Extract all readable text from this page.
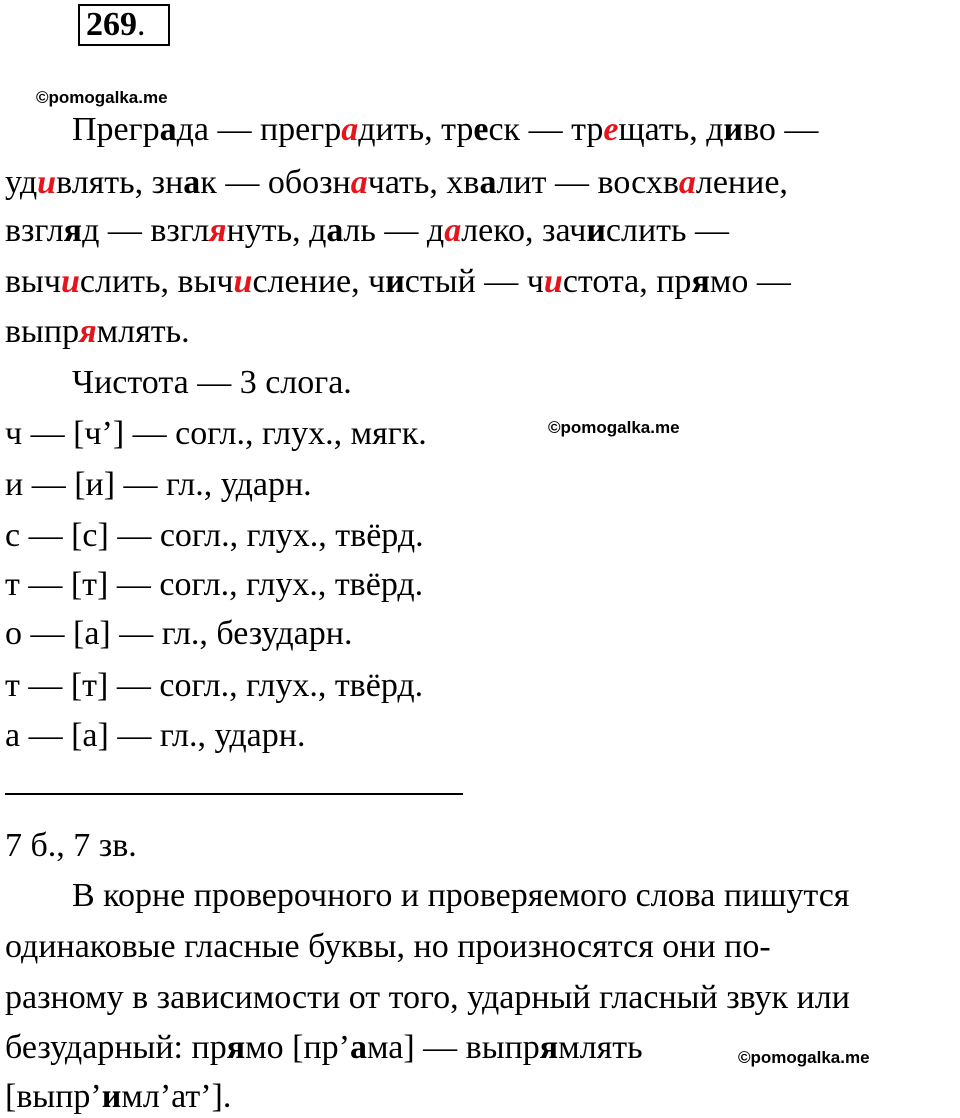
269.
©pomogalka.me
©pomogalka.me
©pomogalka.me
Преграда — преградить, треск — трещать, диво —
удивлять, знак — обозначать, хвалит — восхваление,
взгляд — взглянуть, даль — далеко, зачислить —
вычислить, вычисление, чистый — чистота, прямо —
выпрямлять.
Чистота — 3 слога.
ч — [ч’] — согл., глух., мягк.
и — [и] — гл., ударн.
с — [с] — согл., глух., твёрд.
т — [т] — согл., глух., твёрд.
о — [а] — гл., безударн.
т — [т] — согл., глух., твёрд.
а — [а] — гл., ударн.
7 б., 7 зв.
В корне проверочного и проверяемого слова пишутся
одинаковые гласные буквы, но произносятся они по-
разному в зависимости от того, ударный гласный звук или
безударный: прямо [пр’ама] — выпрямлять
[выпр’имл’ат’].
